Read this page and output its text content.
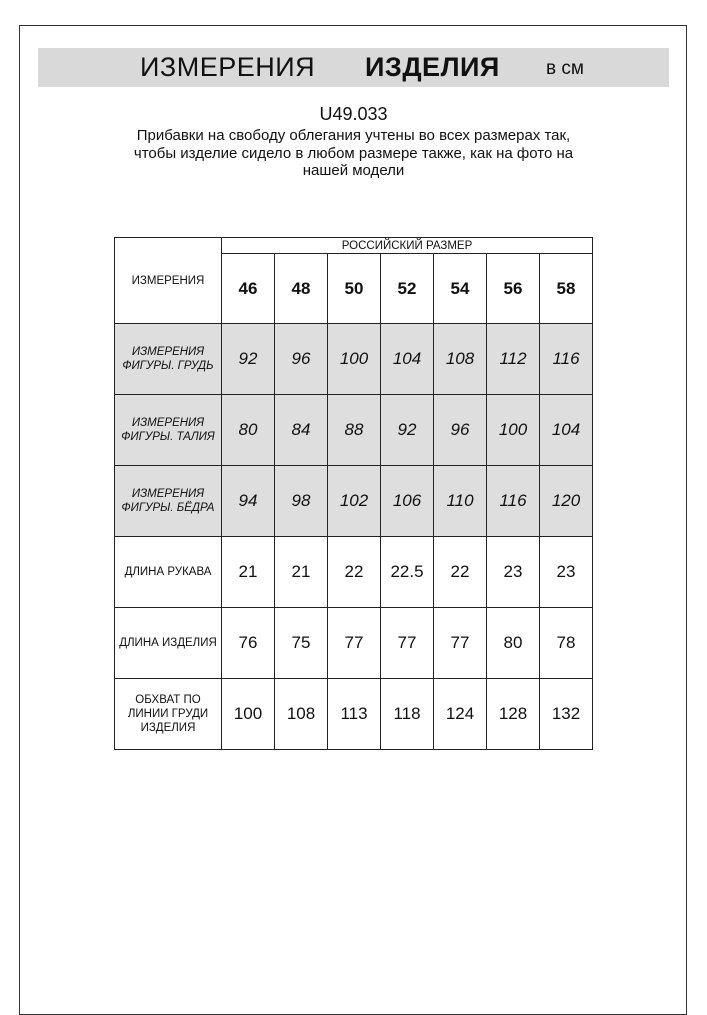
ИЗМЕРЕНИЯ ИЗДЕЛИЯ в см
U49.033
Прибавки на свободу облегания учтены во всех размерах так,
чтобы изделие сидело в любом размере также, как на фото на
нашей модели
ИЗМЕРЕНИЯ	РОССИЙСКИЙ РАЗМЕР						
	46	48	50	52	54	56	58
ИЗМЕРЕНИЯ ФИГУРЫ. ГРУДЬ	92	96	100	104	108	112	116
ИЗМЕРЕНИЯ ФИГУРЫ. ТАЛИЯ	80	84	88	92	96	100	104
ИЗМЕРЕНИЯ ФИГУРЫ. БЁДРА	94	98	102	106	110	116	120
ДЛИНА РУКАВА	21	21	22	22.5	22	23	23
ДЛИНА ИЗДЕЛИЯ	76	75	77	77	77	80	78
ОБХВАТ ПО ЛИНИИ ГРУДИ ИЗДЕЛИЯ	100	108	113	118	124	128	132
